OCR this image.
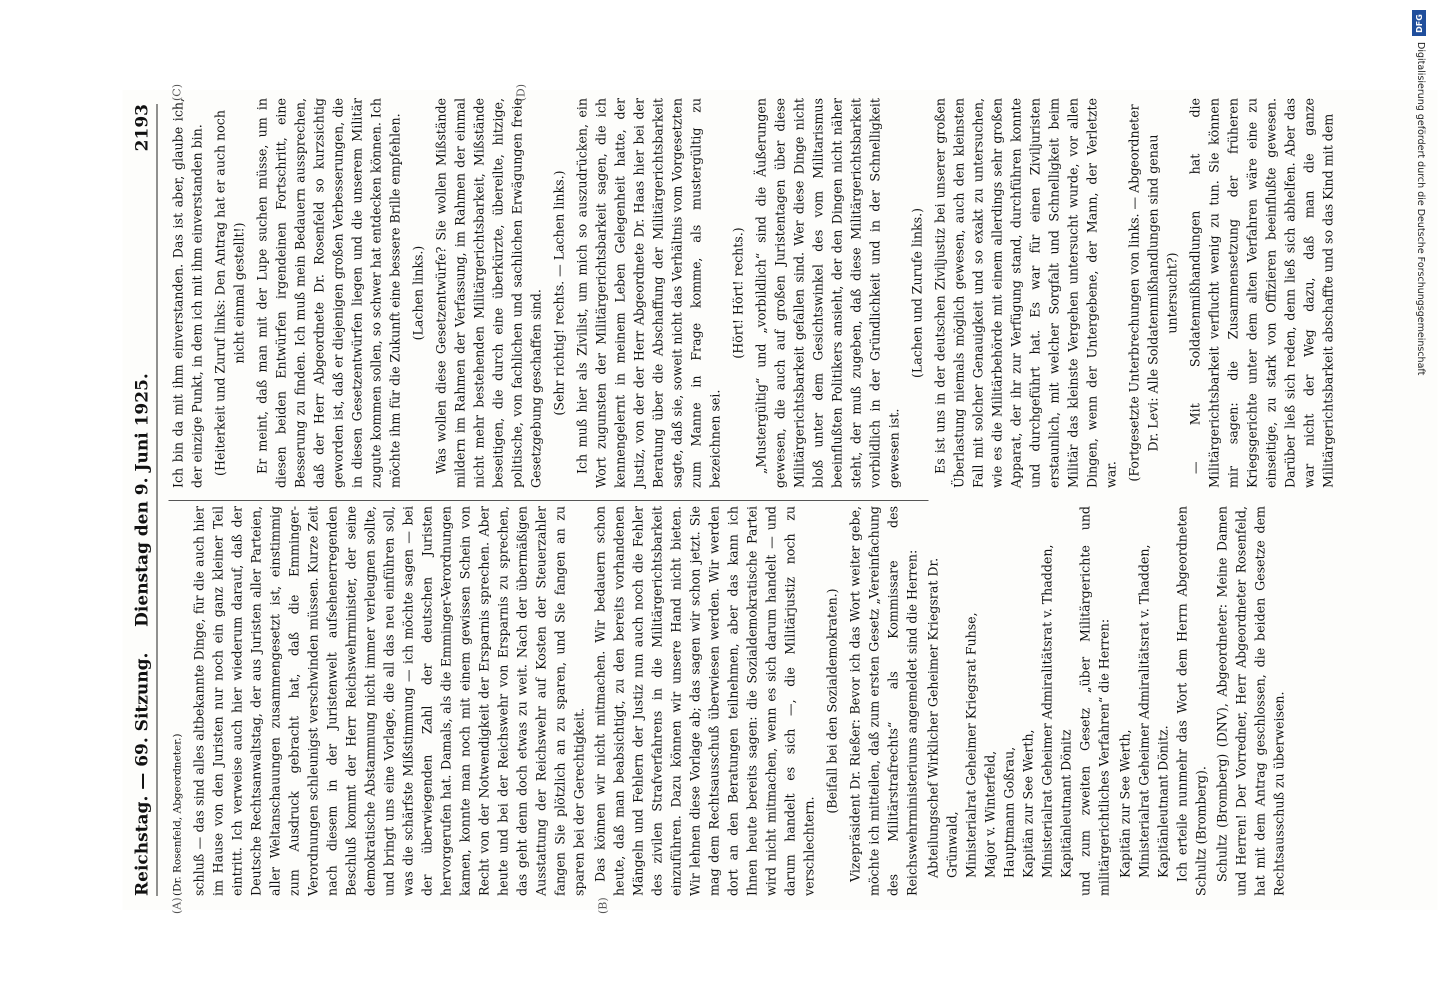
Reichstag. — 69. Sitzung.
Dienstag den 9. Juni 1925.
2193
(A)	(B)
(C)	(D)

(Dr. Rosenfeld, Abgeordneter.) schluß — das sind alles altbekannte Dinge, für die auch hier im Hause von den Juristen nur noch ein ganz kleiner Teil eintritt. Ich verweise auch hier wiederum darauf, daß der Deutsche Rechtsanwaltstag, der aus Juristen aller Parteien, aller Weltanschauungen zusammengesetzt ist, einstimmig zum Ausdruck gebracht hat, daß die Emminger-Verordnungen schleunigst verschwinden müssen. Kurze Zeit nach diesem in der Juristenwelt aufsehenerregenden Beschluß kommt der Herr Reichswehrminister, der seine demokratische Abstammung nicht immer verleugnen sollte, und bringt uns eine Vorlage, die all das neu einführen soll, was die schärfste Mißstimmung — ich möchte sagen — bei der überwiegenden Zahl der deutschen Juristen hervorgerufen hat. Damals, als die Emminger-Verordnungen kamen, konnte man noch mit einem gewissen Schein von Recht von der Notwendigkeit der Ersparnis sprechen. Aber heute und bei der Reichswehr von Ersparnis zu sprechen, das geht denn doch etwas zu weit. Nach der übermäßigen Ausstattung der Reichswehr auf Kosten der Steuerzahler fangen Sie plötzlich an zu sparen, und Sie fangen an zu sparen bei der Gerechtigkeit. Das können wir nicht mitmachen. Wir bedauern schon heute, daß man beabsichtigt, zu den bereits vorhandenen Mängeln und Fehlern der Justiz nun auch noch die Fehler des zivilen Strafverfahrens in die Militärgerichtsbarkeit einzuführen. Dazu können wir unsere Hand nicht bieten. Wir lehnen diese Vorlage ab; das sagen wir schon jetzt. Sie mag dem Rechtsausschuß überwiesen werden. Wir werden dort an den Beratungen teilnehmen, aber das kann ich Ihnen heute bereits sagen: die Sozialdemokratische Partei wird nicht mitmachen, wenn es sich darum handelt — und darum handelt es sich —, die Militärjustiz noch zu verschlechtern.

(Beifall bei den Sozialdemokraten.) Vizepräsident Dr. Rießer: Bevor ich das Wort weiter gebe, möchte ich mitteilen, daß zum ersten Gesetz „Vereinfachung des Militärstrafrechts“ als Kommissare des Reichswehrministeriums angemeldet sind die Herren: Abteilungschef Wirklicher Geheimer Kriegsrat Dr. Grünwald, Ministerialrat Geheimer Kriegsrat Fuhse, Major v. Winterfeld, Hauptmann Goßrau, Kapitän zur See Werth, Ministerialrat Geheimer Admiralitätsrat v. Thadden, Kapitänleutnant Dönitz und zum zweiten Gesetz „über Militärgerichte und militärgerichtliches Verfahren“ die Herren: Kapitän zur See Werth, Ministerialrat Geheimer Admiralitätsrat v. Thadden, Kapitänleutnant Dönitz. Ich erteile nunmehr das Wort dem Herrn Abgeordneten Schultz (Bromberg). Schultz (Bromberg) (DNV), Abgeordneter: Meine Damen und Herren! Der Vorredner, Herr Abgeordneter Rosenfeld, hat mit dem Antrag geschlossen, die beiden Gesetze dem Rechtsausschuß zu überweisen.

Ich bin da mit ihm einverstanden. Das ist aber, glaube ich, der einzige Punkt, in dem ich mit ihm einverstanden bin. (Heiterkeit und Zuruf links: Den Antrag hat er auch noch nicht einmal gestellt!) Er meint, daß man mit der Lupe suchen müsse, um in diesen beiden Entwürfen irgendeinen Fortschritt, eine Besserung zu finden. Ich muß mein Bedauern aussprechen, daß der Herr Abgeordnete Dr. Rosenfeld so kurzsichtig geworden ist, daß er diejenigen großen Verbesserungen, die in diesen Gesetzentwürfen liegen und die unserem Militär zugute kommen sollen, so schwer hat entdecken können. Ich möchte ihm für die Zukunft eine bessere Brille empfehlen. (Lachen links.) Was wollen diese Gesetzentwürfe? Sie wollen Mißstände mildern im Rahmen der Verfassung, im Rahmen der einmal nicht mehr bestehenden Militärgerichtsbarkeit, Mißstände beseitigen, die durch eine überkürzte, übereilte, hitzige, politische, von fachlichen und sachlichen Erwägungen freie Gesetzgebung geschaffen sind. (Sehr richtig! rechts. — Lachen links.) Ich muß hier als Zivilist, um mich so auszudrücken, ein Wort zugunsten der Militärgerichtsbarkeit sagen, die ich kennengelernt in meinem Leben Gelegenheit hatte, der Justiz, von der der Herr Abgeordnete Dr. Haas hier bei der Beratung über die Abschaffung der Militärgerichtsbarkeit sagte, daß sie, soweit nicht das Verhältnis vom Vorgesetzten zum Manne in Frage komme, als mustergültig zu bezeichnen sei.

(Hört! Hört! rechts.) „Mustergültig“ und „vorbildlich“ sind die Äußerungen gewesen, die auch auf großen Juristentagen über diese Militärgerichtsbarkeit gefallen sind. Wer diese Dinge nicht bloß unter dem Gesichtswinkel des vom Militarismus beeinflußten Politikers ansieht, der den Dingen nicht näher steht, der muß zugeben, daß diese Militärgerichtsbarkeit vorbildlich in der Gründlichkeit und in der Schnelligkeit gewesen ist.

(Lachen und Zurufe links.) Es ist uns in der deutschen Ziviljustiz bei unserer großen Überlastung niemals möglich gewesen, auch den kleinsten Fall mit solcher Genauigkeit und so exakt zu untersuchen, wie es die Militärbehörde mit einem allerdings sehr großen Apparat, der ihr zur Verfügung stand, durchführen konnte und durchgeführt hat. Es war für einen Ziviljuristen erstaunlich, mit welcher Sorgfalt und Schnelligkeit beim Militär das kleinste Vergehen untersucht wurde, vor allen Dingen, wenn der Untergebene, der Mann, der Verletzte war. (Fortgesetzte Unterbrechungen von links. — Abgeordneter Dr. Levi: Alle Soldatenmißhandlungen sind genau untersucht?) — Mit Soldatenmißhandlungen hat die Militärgerichtsbarkeit verflucht wenig zu tun. Sie können mir sagen: die Zusammensetzung der früheren Kriegsgerichte unter dem alten Verfahren wäre eine zu einseitige, zu stark von Offizieren beeinflußte gewesen. Darüber ließ sich reden, denn ließ sich abhelfen. Aber das war nicht der Weg dazu, daß man die ganze Militärgerichtsbarkeit abschaffte und so das Kind mit dem

DFG
Digitalisierung gefördert durch die Deutsche Forschungsgemeinschaft
